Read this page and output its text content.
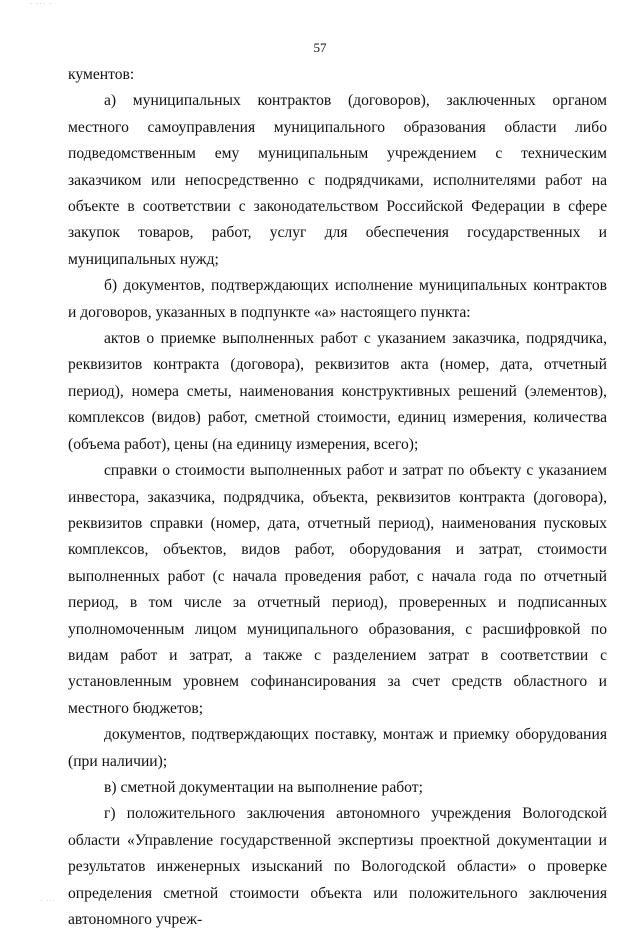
· ··· ·
57

кументов:

а) муниципальных контрактов (договоров), заключенных органом местного самоуправления муниципального образования области либо подведомственным ему муниципальным учреждением с техническим заказчиком или непосредственно с подрядчиками, исполнителями работ на объекте в соответствии с законодательством Российской Федерации в сфере закупок товаров, работ, услуг для обеспечения государственных и муниципальных нужд;

б) документов, подтверждающих исполнение муниципальных контрактов и договоров, указанных в подпункте «а» настоящего пункта:

актов о приемке выполненных работ с указанием заказчика, подрядчика, реквизитов контракта (договора), реквизитов акта (номер, дата, отчетный период), номера сметы, наименования конструктивных решений (элементов), комплексов (видов) работ, сметной стоимости, единиц измерения, количества (объема работ), цены (на единицу измерения, всего);

справки о стоимости выполненных работ и затрат по объекту с указанием инвестора, заказчика, подрядчика, объекта, реквизитов контракта (договора), реквизитов справки (номер, дата, отчетный период), наименования пусковых комплексов, объектов, видов работ, оборудования и затрат, стоимости выполненных работ (с начала проведения работ, с начала года по отчетный период, в том числе за отчетный период), проверенных и подписанных уполномоченным лицом муниципального образования, с расшифровкой по видам работ и затрат, а также с разделением затрат в соответствии с установленным уровнем софинансирования за счет средств областного и местного бюджетов;

документов, подтверждающих поставку, монтаж и приемку оборудования (при наличии);

в) сметной документации на выполнение работ;

г) положительного заключения автономного учреждения Вологодской области «Управление государственной экспертизы проектной документации и результатов инженерных изысканий по Вологодской области» о проверке определения сметной стоимости объекта или положительного заключения автономного учреж-

· ···
